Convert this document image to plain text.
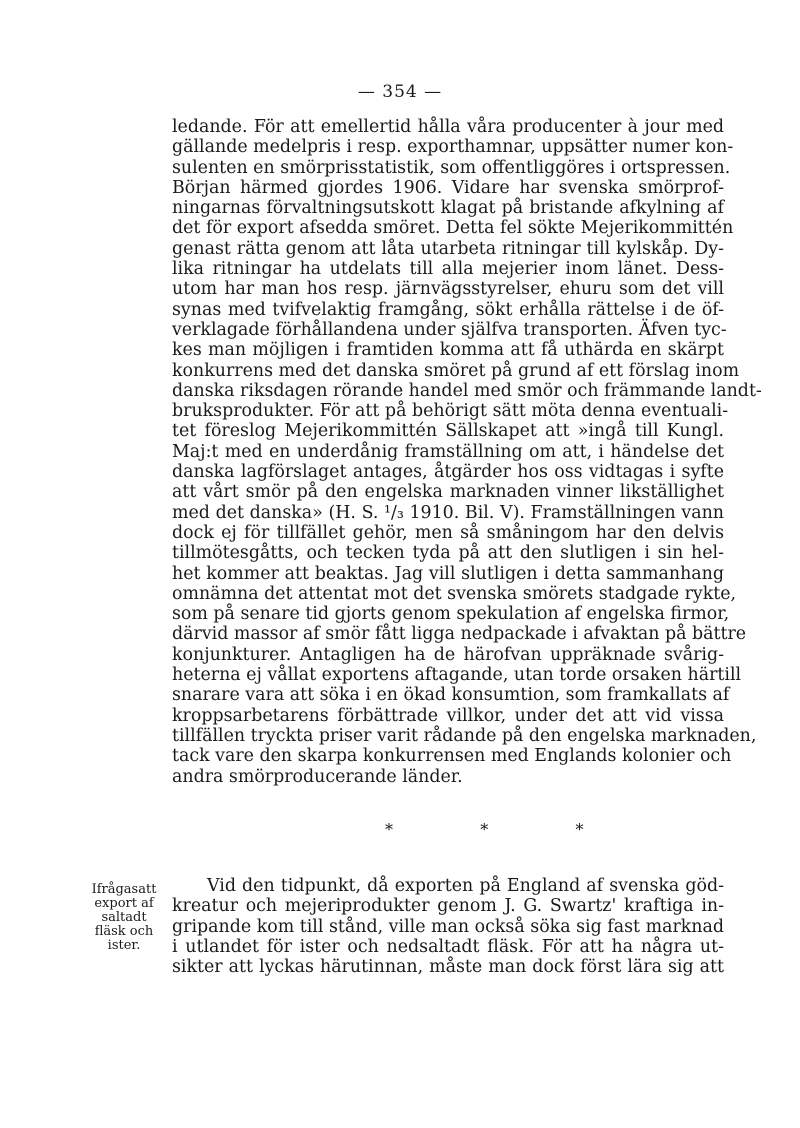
— 354 —
ledande. För att emellertid hålla våra producenter à jour med
gällande medelpris i resp. exporthamnar, uppsätter numer kon-
sulenten en smörprisstatistik, som offentliggöres i ortspressen.
Början härmed gjordes 1906. Vidare har svenska smörprof-
ningarnas förvaltningsutskott klagat på bristande afkylning af
det för export afsedda smöret. Detta fel sökte Mejerikommittén
genast rätta genom att låta utarbeta ritningar till kylskåp. Dy-
lika ritningar ha utdelats till alla mejerier inom länet. Dess-
utom har man hos resp. järnvägsstyrelser, ehuru som det vill
synas med tvifvelaktig framgång, sökt erhålla rättelse i de öf-
verklagade förhållandena under själfva transporten. Äfven tyc-
kes man möjligen i framtiden komma att få uthärda en skärpt
konkurrens med det danska smöret på grund af ett förslag inom
danska riksdagen rörande handel med smör och främmande landt-
bruksprodukter. För att på behörigt sätt möta denna eventuali-
tet föreslog Mejerikommittén Sällskapet att »ingå till Kungl.
Maj:t med en underdånig framställning om att, i händelse det
danska lagförslaget antages, åtgärder hos oss vidtagas i syfte
att vårt smör på den engelska marknaden vinner likställighet
med det danska» (H. S. ¹/₃ 1910. Bil. V). Framställningen vann
dock ej för tillfället gehör, men så småningom har den delvis
tillmötesgåtts, och tecken tyda på att den slutligen i sin hel-
het kommer att beaktas. Jag vill slutligen i detta sammanhang
omnämna det attentat mot det svenska smörets stadgade rykte,
som på senare tid gjorts genom spekulation af engelska firmor,
därvid massor af smör fått ligga nedpackade i afvaktan på bättre
konjunkturer. Antagligen ha de härofvan uppräknade svårig-
heterna ej vållat exportens aftagande, utan torde orsaken härtill
snarare vara att söka i en ökad konsumtion, som framkallats af
kroppsarbetarens förbättrade villkor, under det att vid vissa
tillfällen tryckta priser varit rådande på den engelska marknaden,
tack vare den skarpa konkurrensen med Englands kolonier och
andra smörproducerande länder.
*   *   *
Ifrågasatt
export af
saltadt
fläsk och
ister.
Vid den tidpunkt, då exporten på England af svenska göd-
kreatur och mejeriprodukter genom J. G. Swartz' kraftiga in-
gripande kom till stånd, ville man också söka sig fast marknad
i utlandet för ister och nedsaltadt fläsk. För att ha några ut-
sikter att lyckas härutinnan, måste man dock först lära sig att
